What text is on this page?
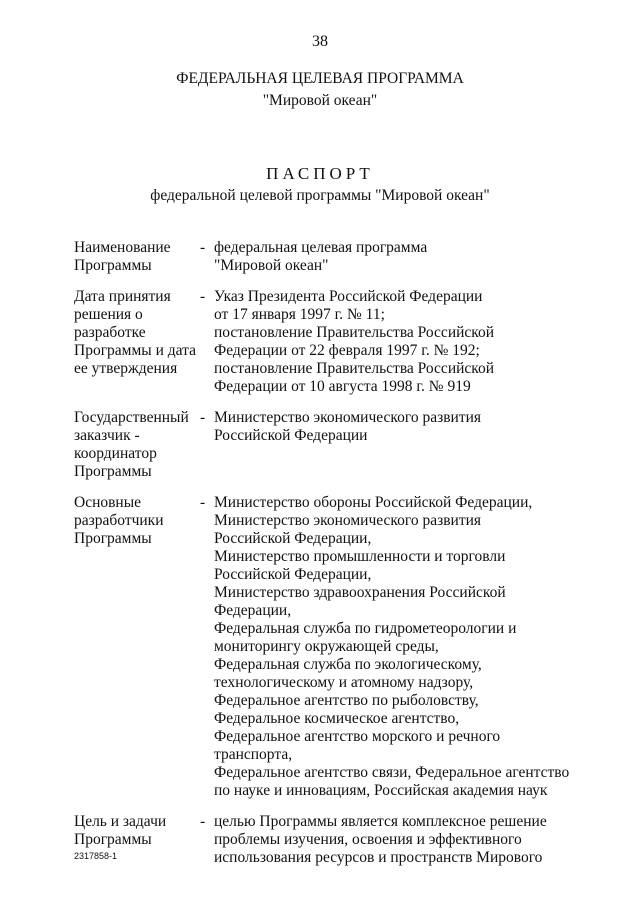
38
ФЕДЕРАЛЬНАЯ ЦЕЛЕВАЯ ПРОГРАММА
"Мировой океан"
ПАСПОРТ
федеральной целевой программы "Мировой океан"
Наименование
Программы
- федеральная целевая программа
"Мировой океан"
Дата принятия
решения о
разработке
Программы и дата
ее утверждения
- Указ Президента Российской Федерации
от 17 января 1997 г. № 11;
постановление Правительства Российской
Федерации от 22 февраля 1997 г. № 192;
постановление Правительства Российской
Федерации от 10 августа 1998 г. № 919
Государственный
заказчик -
координатор
Программы
- Министерство экономического развития
Российской Федерации
Основные
разработчики
Программы
- Министерство обороны Российской Федерации,
Министерство экономического развития
Российской Федерации,
Министерство промышленности и торговли
Российской Федерации,
Министерство здравоохранения Российской
Федерации,
Федеральная служба по гидрометеорологии и
мониторингу окружающей среды,
Федеральная служба по экологическому,
технологическому и атомному надзору,
Федеральное агентство по рыболовству,
Федеральное космическое агентство,
Федеральное агентство морского и речного
транспорта,
Федеральное агентство связи, Федеральное агентство
по науке и инновациям, Российская академия наук
Цель и задачи
Программы
- целью Программы является комплексное решение
проблемы изучения, освоения и эффективного
использования ресурсов и пространств Мирового
2317858-1
